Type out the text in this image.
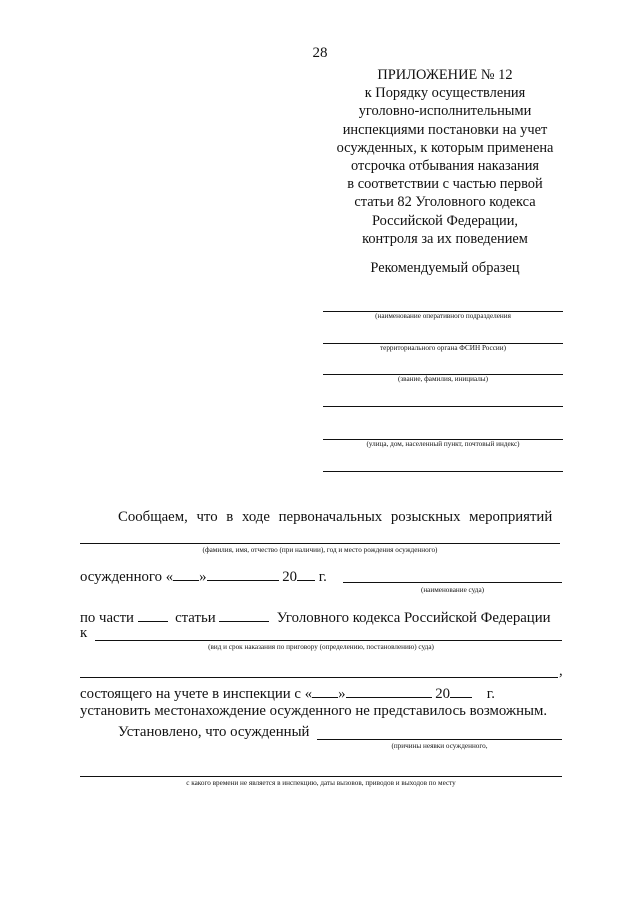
28
ПРИЛОЖЕНИЕ № 12
к Порядку осуществления
уголовно-исполнительными
инспекциями постановки на учет
осужденных, к которым применена
отсрочка отбывания наказания
в соответствии с частью первой
статьи 82 Уголовного кодекса
Российской Федерации,
контроля за их поведением
Рекомендуемый образец
(наименование оперативного подразделения
территориального органа ФСИН России)
(звание, фамилия, инициалы)
(улица, дом, населенный пункт, почтовый индекс)
Сообщаем, что в ходе первоначальных розыскных мероприятий
(фамилия, имя, отчество (при наличии), год и место рождения осужденного)
осужденного « »	20 г.
(наименование суда)
по части	статьи	Уголовного кодекса Российской Федерации
к
(вид и срок наказания по приговору (определению, постановлению) суда)
,
состоящего на учете в инспекции с « »	20 г.
установить местонахождение осужденного не представилось возможным.
Установлено, что осужденный
(причины неявки осужденного,
с какого времени не является в инспекцию, даты вызовов, приводов и выходов по месту
